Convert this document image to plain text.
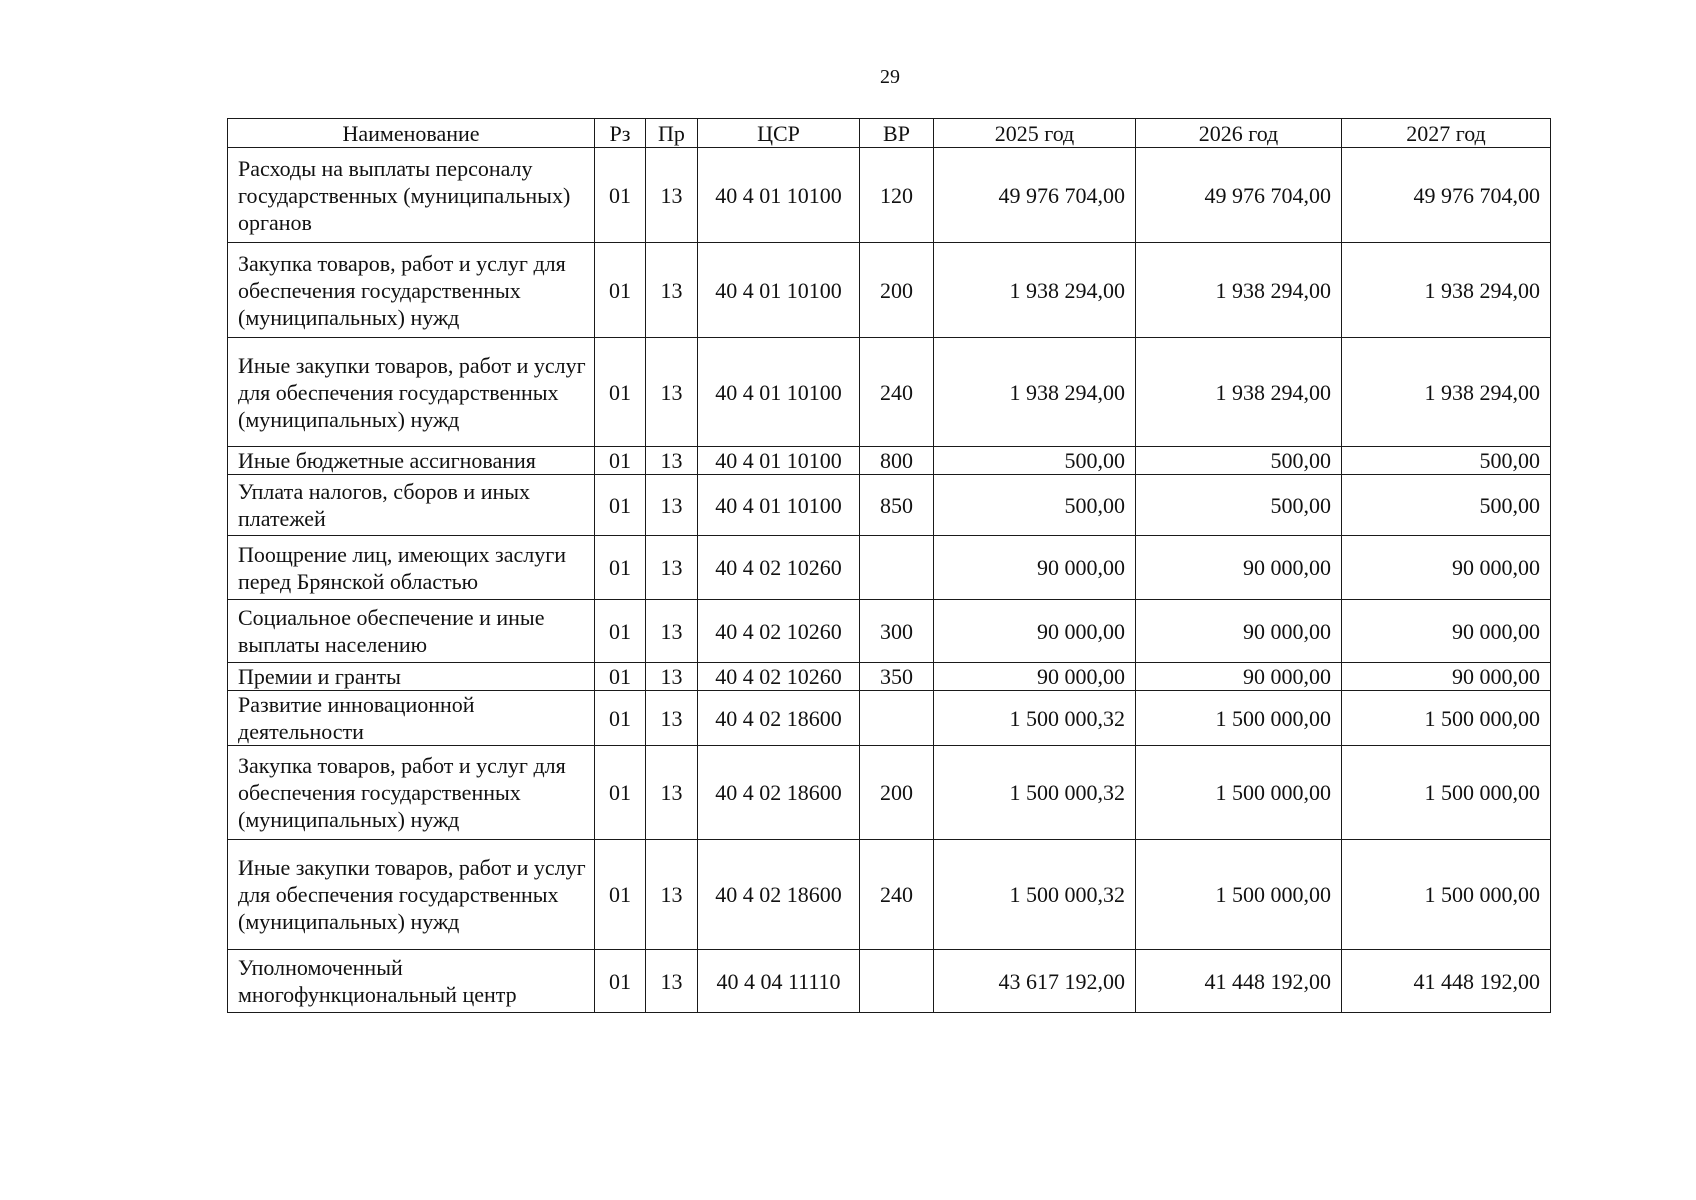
29
Наименование	Рз	Пр	ЦСР	ВР	2025 год	2026 год	2027 год
Расходы на выплаты персоналу государственных (муниципальных) органов	01	13	40 4 01 10100	120	49 976 704,00	49 976 704,00	49 976 704,00
Закупка товаров, работ и услуг для обеспечения государственных (муниципальных) нужд	01	13	40 4 01 10100	200	1 938 294,00	1 938 294,00	1 938 294,00
Иные закупки товаров, работ и услуг для обеспечения государственных (муниципальных) нужд	01	13	40 4 01 10100	240	1 938 294,00	1 938 294,00	1 938 294,00
Иные бюджетные ассигнования	01	13	40 4 01 10100	800	500,00	500,00	500,00
Уплата налогов, сборов и иных платежей	01	13	40 4 01 10100	850	500,00	500,00	500,00
Поощрение лиц, имеющих заслуги перед Брянской областью	01	13	40 4 02 10260		90 000,00	90 000,00	90 000,00
Социальное обеспечение и иные выплаты населению	01	13	40 4 02 10260	300	90 000,00	90 000,00	90 000,00
Премии и гранты	01	13	40 4 02 10260	350	90 000,00	90 000,00	90 000,00
Развитие инновационной деятельности	01	13	40 4 02 18600		1 500 000,32	1 500 000,00	1 500 000,00
Закупка товаров, работ и услуг для обеспечения государственных (муниципальных) нужд	01	13	40 4 02 18600	200	1 500 000,32	1 500 000,00	1 500 000,00
Иные закупки товаров, работ и услуг для обеспечения государственных (муниципальных) нужд	01	13	40 4 02 18600	240	1 500 000,32	1 500 000,00	1 500 000,00
Уполномоченный многофункциональный центр	01	13	40 4 04 11110		43 617 192,00	41 448 192,00	41 448 192,00
